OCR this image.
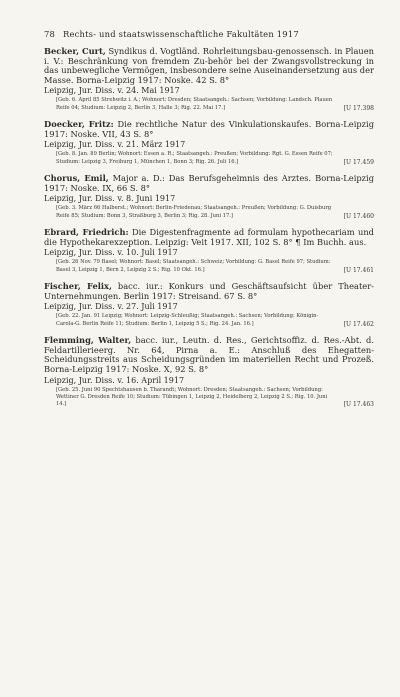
78 Rechts- und staatswissenschaftliche Fakultäten 1917
Becker, Curt, Syndikus d. Vogtländ. Rohrleitungsbau-genossensch. in Plauen i. V.: Beschränkung von fremdem Zu-behör bei der Zwangsvollstreckung in das unbewegliche Vermögen, insbesondere seine Auseinandersetzung aus der Masse. Borna-Leipzig 1917: Noske. 42 S. 8°
Leipzig, Jur. Diss. v. 24. Mai 1917
[Geb. 6. April 85 Strehwitz i. A.; Wohnort: Dresden; Staatsangeh.: Sachsen; Vorbildung: Landsch. Plauen Reife 04; Studium: Leipzig 2, Berlin 3, Halle 3; Rig. 22. Mai 17.]	[U 17.398
Doecker, Fritz: Die rechtliche Natur des Vinkulationskaufes. Borna-Leipzig 1917: Noske. VII, 43 S. 8°
Leipzig, Jur. Diss. v. 21. März 1917
[Geb. 8. Jan. 89 Berlin; Wohnort: Essen a. R.; Staatsangeh.: Preußen; Vorbildung: Rgt. G. Essen Reife 07; Studium: Leipzig 3, Freiburg 1, München 1, Bonn 3; Rig. 26. Juli 16.]	[U 17.459
Chorus, Emil, Major a. D.: Das Berufsgeheimnis des Arztes. Borna-Leipzig 1917: Noske. IX, 66 S. 8°
Leipzig, Jur. Diss. v. 8. Juni 1917
[Geb. 3. März 66 Halberst.; Wohnort: Berlin-Friedenau; Staatsangeh.: Preußen; Vorbildung: G. Duisburg Reife 85; Studium: Bonn 3, Straßburg 3, Berlin 3; Rig. 28. Juni 17.]	[U 17.460
Ebrard, Friedrich: Die Digestenfragmente ad formulam hypothecariam und die Hypothekarexzeption. Leipzig: Veit 1917. XII, 102 S. 8° ¶ Im Buchh. aus.
Leipzig, Jur. Diss. v. 10. Juli 1917
[Geb. 26 Nov. 79 Basel; Wohnort: Basel; Staatsangeh.: Schweiz; Vorbildung: G. Basel Reife 97; Studium: Basel 3, Leipzig 1, Bern 2, Leipzig 2 S.; Rig. 10 Okt. 16.]	[U 17.461
Fischer, Felix, bacc. iur.: Konkurs und Geschäftsaufsicht über Theater-Unternehmungen. Berlin 1917: Streisand. 67 S. 8°
Leipzig, Jur. Diss. v. 27. Juli 1917
[Geb. 22. Jan. 91 Leipzig; Wohnort: Leipzig-Schleußig; Staatsangeh.: Sachsen; Vorbildung: Königin-Carola-G. Berlin Reife 11; Studium: Berlin 1, Leipzig 5 S.; Rig. 24. Jan. 16.]	[U 17.462
Flemming, Walter, bacc. iur., Leutn. d. Res., Gerichtsoffiz. d. Res.-Abt. d. Feldartillerieerg. Nr. 64, Pirna a. E.: Anschluß des Ehegatten-Scheidungsstreits aus Scheidungsgründen im materiellen Recht und Prozeß. Borna-Leipzig 1917: Noske. X, 92 S. 8°
Leipzig, Jur. Diss. v. 16. April 1917
[Geb. 25. Juni 90 Spechtshausen b. Tharandt; Wohnort: Dresden; Staatsangeh.: Sachsen; Vorbildung: Wettiner G. Dresden Reife 10; Studium: Tübingen 1, Leipzig 2, Heidelberg 2, Leipzig 2 S.; Rig. 10. Juni 14.]	[U 17.463
